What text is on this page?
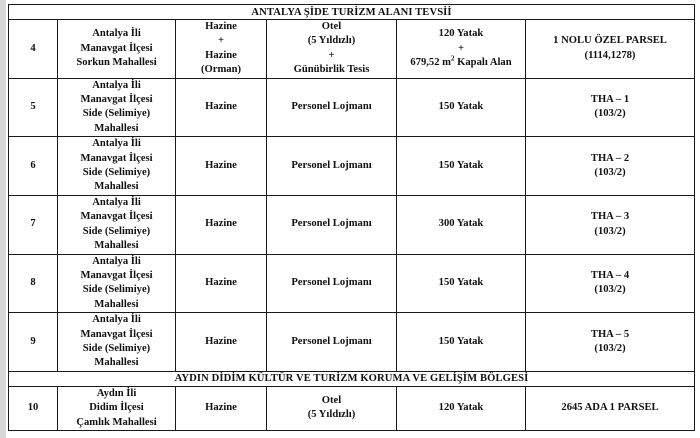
ANTALYA ŞİDE TURİZM ALANI TEVSİİ					
4	Antalya İli
Manavgat İlçesi
Sorkun Mahallesi	Hazine
+
Hazine
(Orman)	Otel
(5 Yıldızlı)
+
Günübirlik Tesis	120 Yatak
+
679,52 $m^2$ Kapalı Alan	1 NOLU ÖZEL PARSEL
(1114,1278)

5	Antalya İli
Manavgat İlçesi
Side (Selimiye)
Mahallesi	Hazine	Personel Lojmanı	150 Yatak	THA – 1
(103/2)

6	Antalya İli
Manavgat İlçesi
Side (Selimiye)
Mahallesi	Hazine	Personel Lojmanı	150 Yatak	THA – 2
(103/2)

7	Antalya İli
Manavgat İlçesi
Side (Selimiye)
Mahallesi	Hazine	Personel Lojmanı	300 Yatak	THA – 3
(103/2)

8	Antalya İli
Manavgat İlçesi
Side (Selimiye)
Mahallesi	Hazine	Personel Lojmanı	150 Yatak	THA – 4
(103/2)

9	Antalya İli
Manavgat İlçesi
Side (Selimiye)
Mahallesi	Hazine	Personel Lojmanı	150 Yatak	THA – 5
(103/2)

AYDIN DİDİM KÜLTÜR VE TURİZM KORUMA VE GELİŞİM BÖLGESİ					
10	Aydın İli
Didim İlçesi
Çamlık Mahallesi	Hazine	Otel
(5 Yıldızlı)	120 Yatak	2645 ADA 1 PARSEL
